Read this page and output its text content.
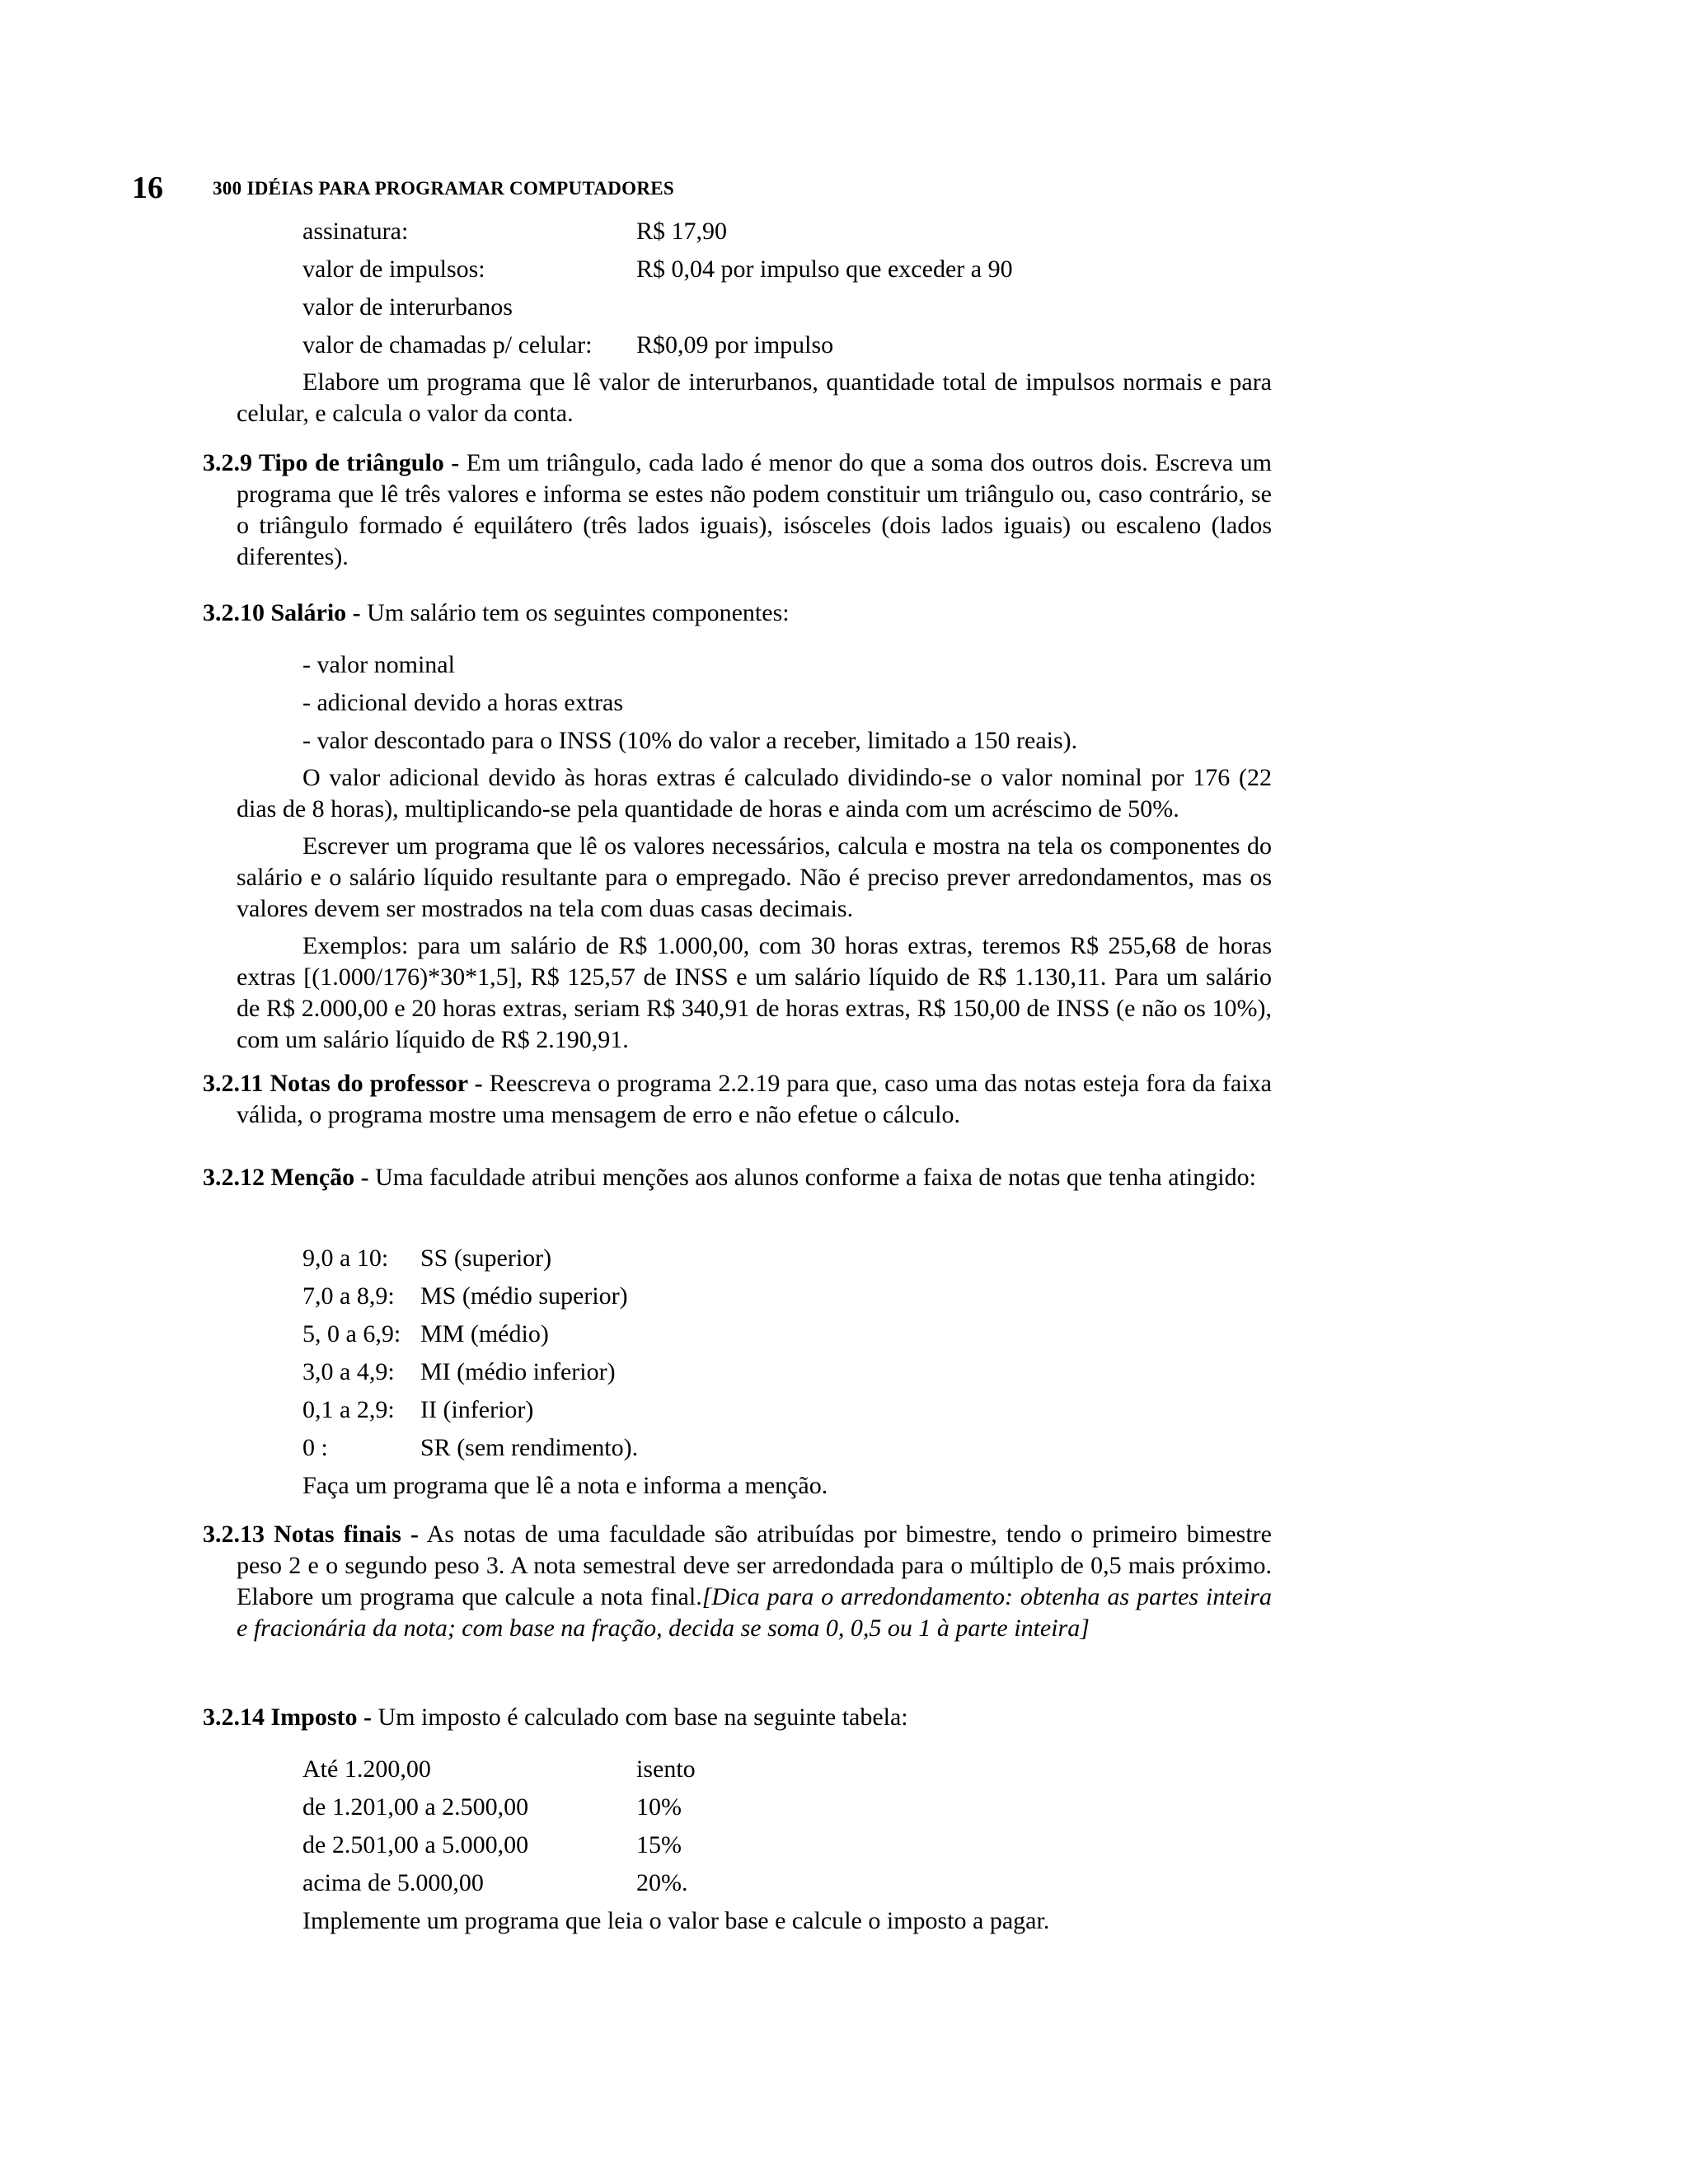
16	300 IDÉIAS PARA PROGRAMAR COMPUTADORES
assinatura:	R$ 17,90
valor de impulsos:	R$ 0,04 por impulso que exceder a 90
valor de interurbanos
valor de chamadas p/ celular: R$0,09 por impulso
Elabore um programa que lê valor de interurbanos, quantidade total de impulsos normais e para celular, e calcula o valor da conta.
3.2.9 Tipo de triângulo - Em um triângulo, cada lado é menor do que a soma dos outros dois. Escreva um programa que lê três valores e informa se estes não podem constituir um triângulo ou, caso contrário, se o triângulo formado é equilátero (três lados iguais), isósceles (dois lados iguais) ou escaleno (lados diferentes).
3.2.10 Salário - Um salário tem os seguintes componentes:
- valor nominal
- adicional devido a horas extras
- valor descontado para o INSS (10% do valor a receber, limitado a 150 reais).
O valor adicional devido às horas extras é calculado dividindo-se o valor nominal por 176 (22 dias de 8 horas), multiplicando-se pela quantidade de horas e ainda com um acréscimo de 50%.
Escrever um programa que lê os valores necessários, calcula e mostra na tela os componentes do salário e o salário líquido resultante para o empregado. Não é preciso prever arredondamentos, mas os valores devem ser mostrados na tela com duas casas decimais.
Exemplos: para um salário de R$ 1.000,00, com 30 horas extras, teremos R$ 255,68 de horas extras [(1.000/176)*30*1,5], R$ 125,57 de INSS e um salário líquido de R$ 1.130,11. Para um salário de R$ 2.000,00 e 20 horas extras, seriam R$ 340,91 de horas extras, R$ 150,00 de INSS (e não os 10%), com um salário líquido de R$ 2.190,91.
3.2.11 Notas do professor - Reescreva o programa 2.2.19 para que, caso uma das notas esteja fora da faixa válida, o programa mostre uma mensagem de erro e não efetue o cálculo.
3.2.12 Menção - Uma faculdade atribui menções aos alunos conforme a faixa de notas que tenha atingido:
9,0 a 10: SS (superior)
7,0 a 8,9: MS (médio superior)
5, 0 a 6,9: MM (médio)
3,0 a 4,9: MI (médio inferior)
0,1 a 2,9: II (inferior)
0 :	SR (sem rendimento).
Faça um programa que lê a nota e informa a menção.
3.2.13 Notas finais - As notas de uma faculdade são atribuídas por bimestre, tendo o primeiro bimestre peso 2 e o segundo peso 3. A nota semestral deve ser arredondada para o múltiplo de 0,5 mais próximo. Elabore um programa que calcule a nota final.[Dica para o arredondamento: obtenha as partes inteira e fracionária da nota; com base na fração, decida se soma 0, 0,5 ou 1 à parte inteira]
3.2.14 Imposto - Um imposto é calculado com base na seguinte tabela:
Até 1.200,00	isento
de 1.201,00 a 2.500,00	10%
de 2.501,00 a 5.000,00	15%
acima de 5.000,00	20%.
Implemente um programa que leia o valor base e calcule o imposto a pagar.
